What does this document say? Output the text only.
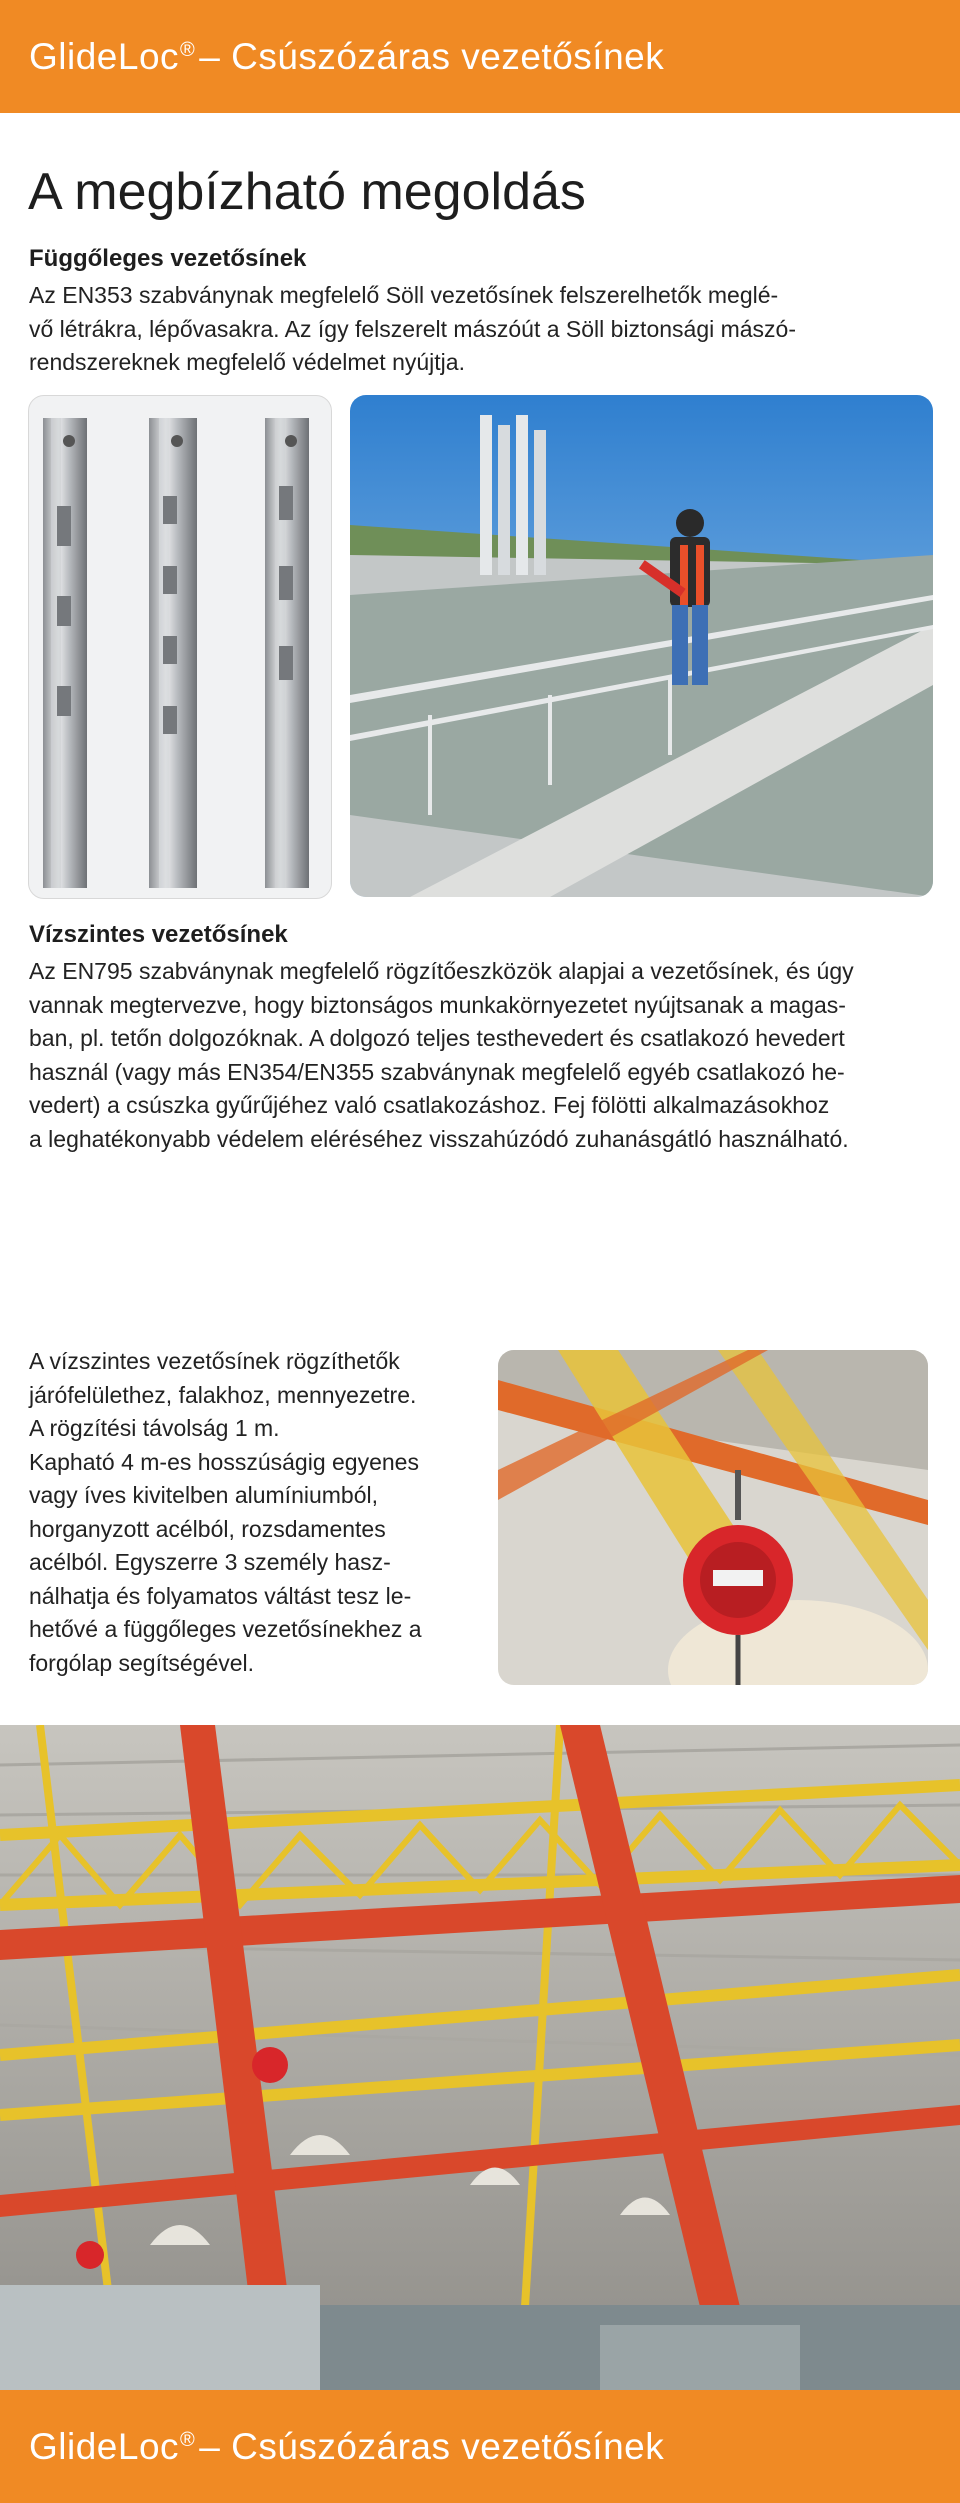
GlideLoc® – Csúszózáras vezetősínek
A megbízható megoldás
Függőleges vezetősínek
Az EN353 szabványnak megfelelő Söll vezetősínek felszerelhetők meglé-
vő létrákra, lépővasakra. Az így felszerelt mászóút a Söll biztonsági mászó-
rendszereknek megfelelő védelmet nyújtja.
Vízszintes vezetősínek
Az EN795 szabványnak megfelelő rögzítőeszközök alapjai a vezetősínek, és úgy
vannak megtervezve, hogy biztonságos munkakörnyezetet nyújtsanak a magas-
ban, pl. tetőn dolgozóknak. A dolgozó teljes testhevedert és csatlakozó hevedert
használ (vagy más EN354/EN355 szabványnak megfelelő egyéb csatlakozó he-
vedert) a csúszka gyűrűjéhez való csatlakozáshoz. Fej fölötti alkalmazásokhoz
a leghatékonyabb védelem eléréséhez visszahúzódó zuhanásgátló használható.
A vízszintes vezetősínek rögzíthetők
járófelülethez, falakhoz, mennyezetre.
A rögzítési távolság 1 m.
Kapható 4 m-es hosszúságig egyenes
vagy íves kivitelben alumíniumból,
horganyzott acélból, rozsdamentes
acélból. Egyszerre 3 személy hasz-
nálhatja és folyamatos váltást tesz le-
hetővé a függőleges vezetősínekhez a
forgólap segítségével.
GlideLoc® – Csúszózáras vezetősínek
